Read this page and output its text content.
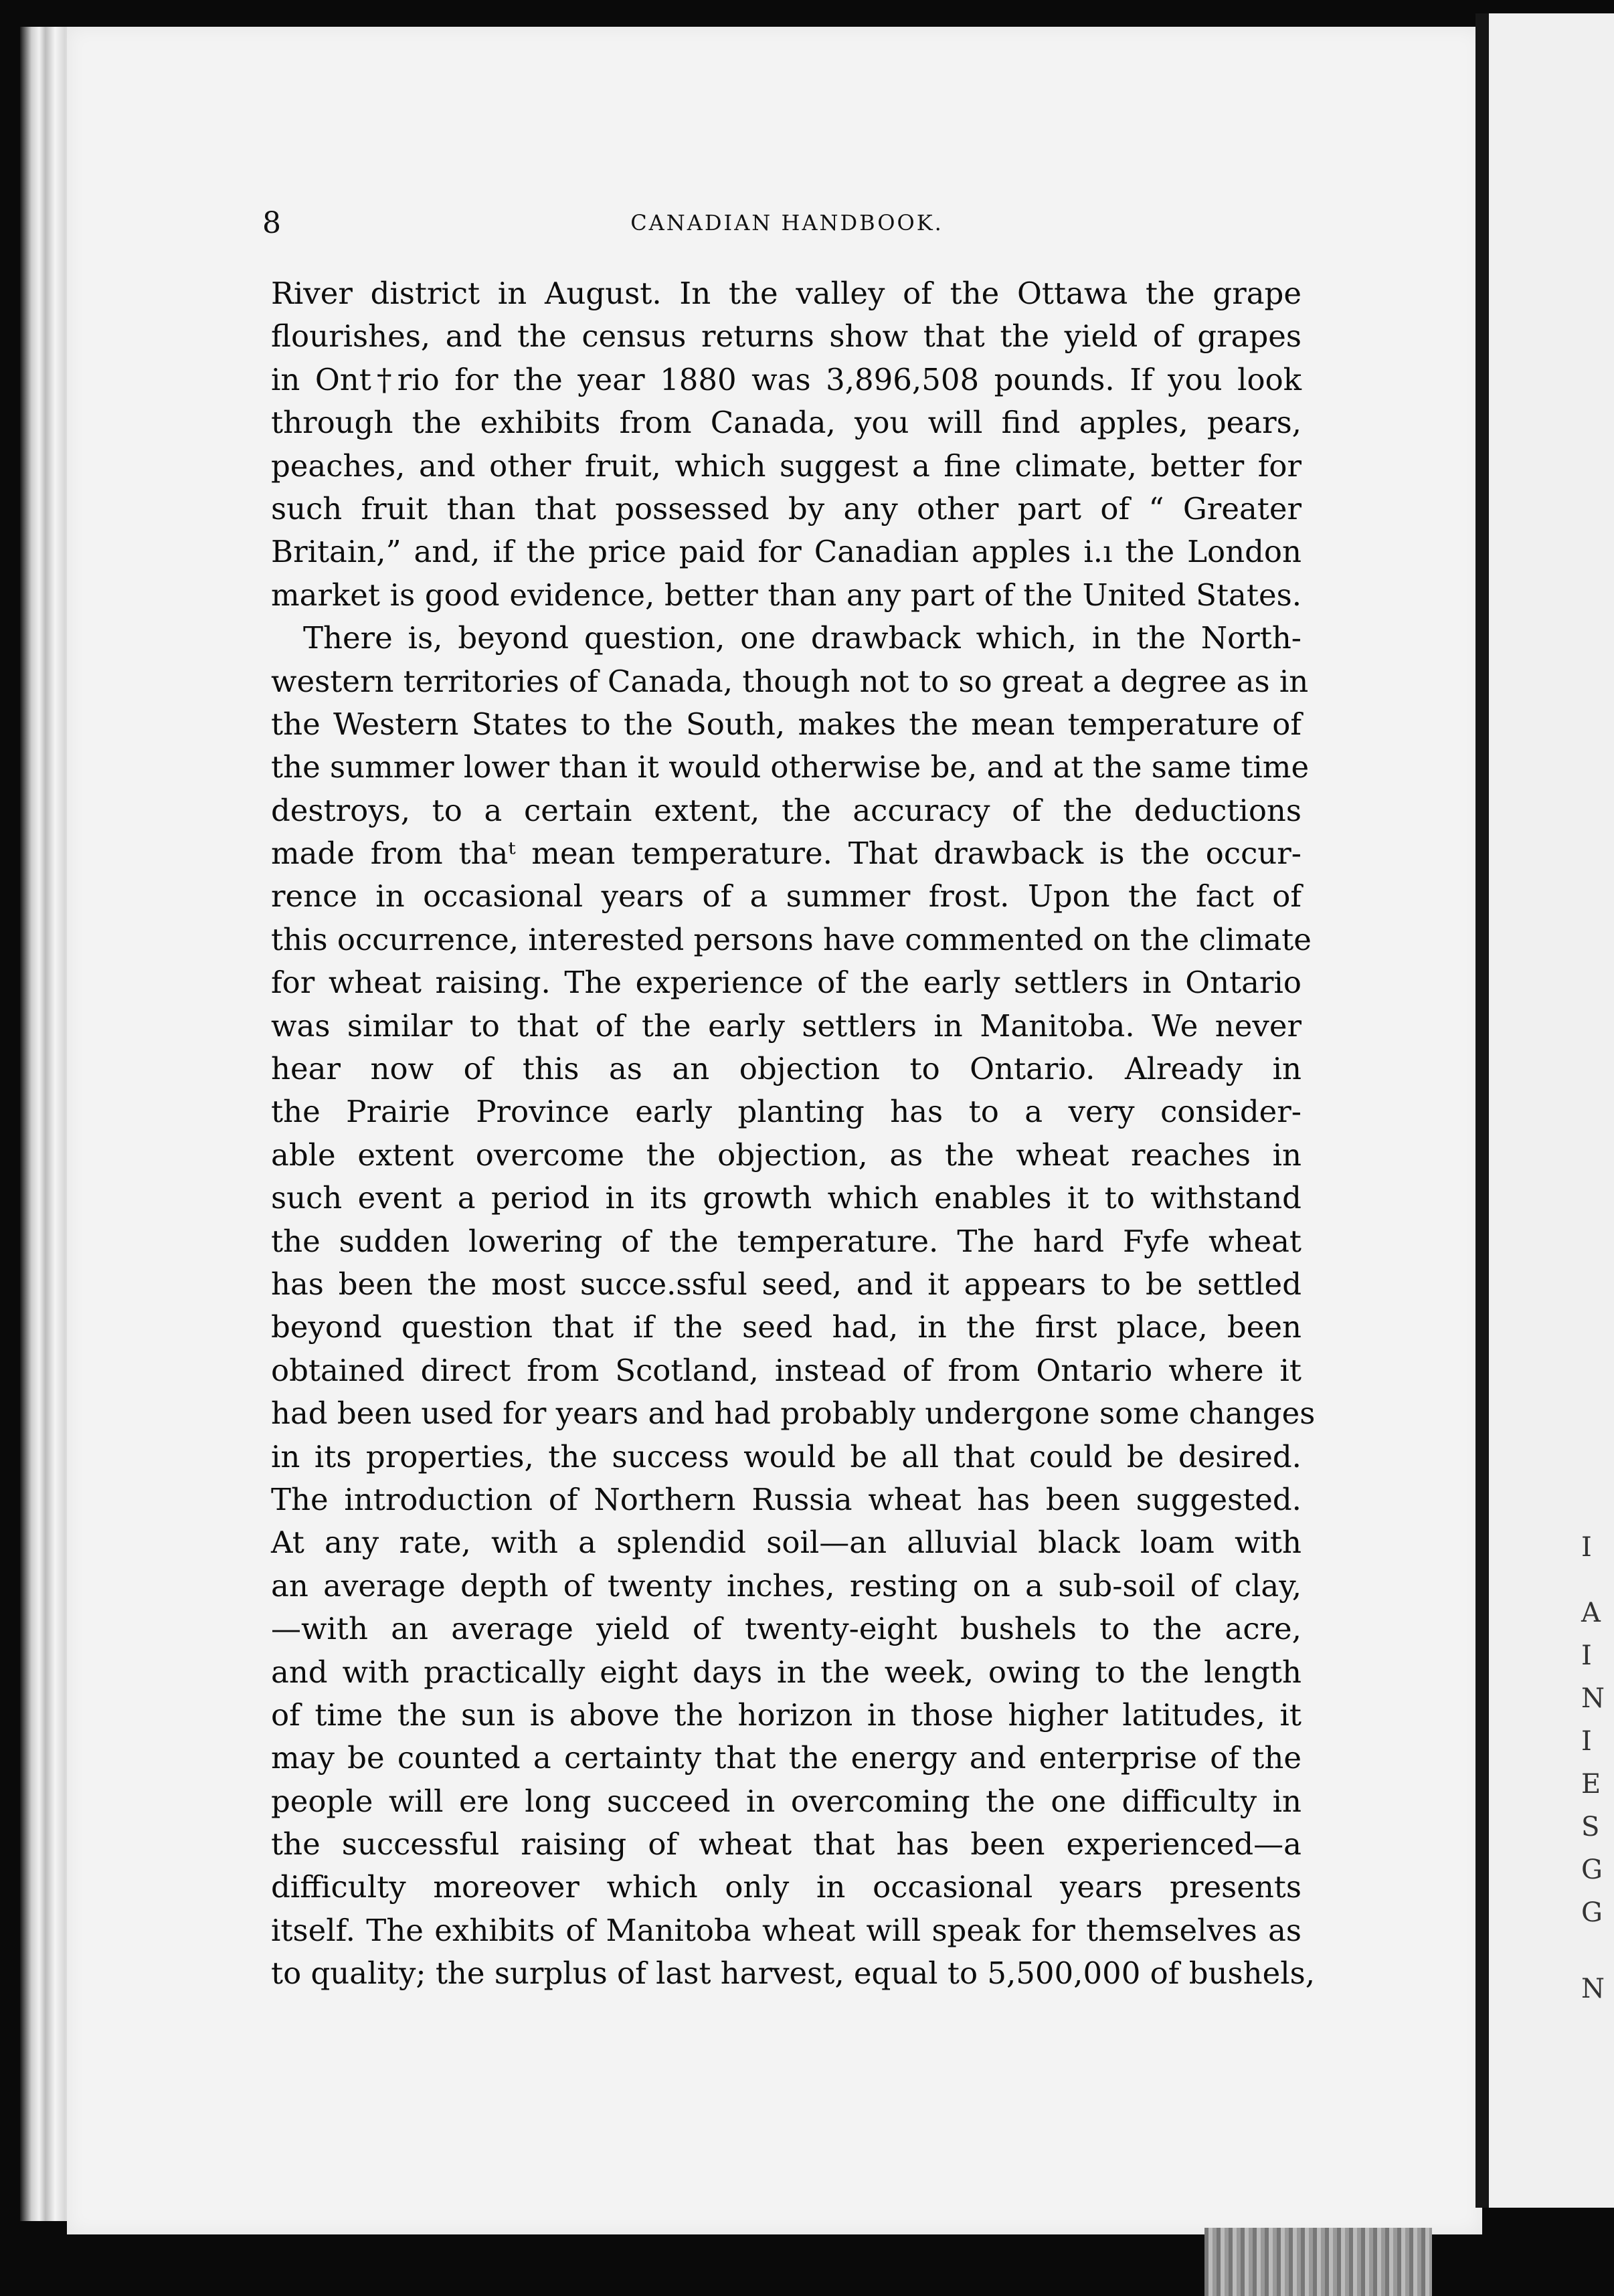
8	CANADIAN HANDBOOK.
River district in August. In the valley of the Ottawa the grape
flourishes, and the census returns show that the yield of grapes
in Ont†rio for the year 1880 was 3,896,508 pounds. If you look
through the exhibits from Canada, you will find apples, pears,
peaches, and other fruit, which suggest a fine climate, better for
such fruit than that possessed by any other part of “ Greater
Britain,” and, if the price paid for Canadian apples i.ı the London
market is good evidence, better than any part of the United States.
There is, beyond question, one drawback which, in the North-
western territories of Canada, though not to so great a degree as in
the Western States to the South, makes the mean temperature of
the summer lower than it would otherwise be, and at the same time
destroys, to a certain extent, the accuracy of the deductions
made from thaᵗ mean temperature. That drawback is the occur-
rence in occasional years of a summer frost. Upon the fact of
this occurrence, interested persons have commented on the climate
for wheat raising. The experience of the early settlers in Ontario
was similar to that of the early settlers in Manitoba. We never
hear now of this as an objection to Ontario. Already in
the Prairie Province early planting has to a very consider-
able extent overcome the objection, as the wheat reaches in
such event a period in its growth which enables it to withstand
the sudden lowering of the temperature. The hard Fyfe wheat
has been the most succe.ssful seed, and it appears to be settled
beyond question that if the seed had, in the first place, been
obtained direct from Scotland, instead of from Ontario where it
had been used for years and had probably undergone some changes
in its properties, the success would be all that could be desired.
The introduction of Northern Russia wheat has been suggested.
At any rate, with a splendid soil—an alluvial black loam with
an average depth of twenty inches, resting on a sub-soil of clay,
—with an average yield of twenty-eight bushels to the acre,
and with practically eight days in the week, owing to the length
of time the sun is above the horizon in those higher latitudes, it
may be counted a certainty that the energy and enterprise of the
people will ere long succeed in overcoming the one difficulty in
the successful raising of wheat that has been experienced—a
difficulty moreover which only in occasional years presents
itself. The exhibits of Manitoba wheat will speak for themselves as
to quality; the surplus of last harvest, equal to 5,500,000 of bushels,
I
A
I
N
I
E
S
G
G
N
